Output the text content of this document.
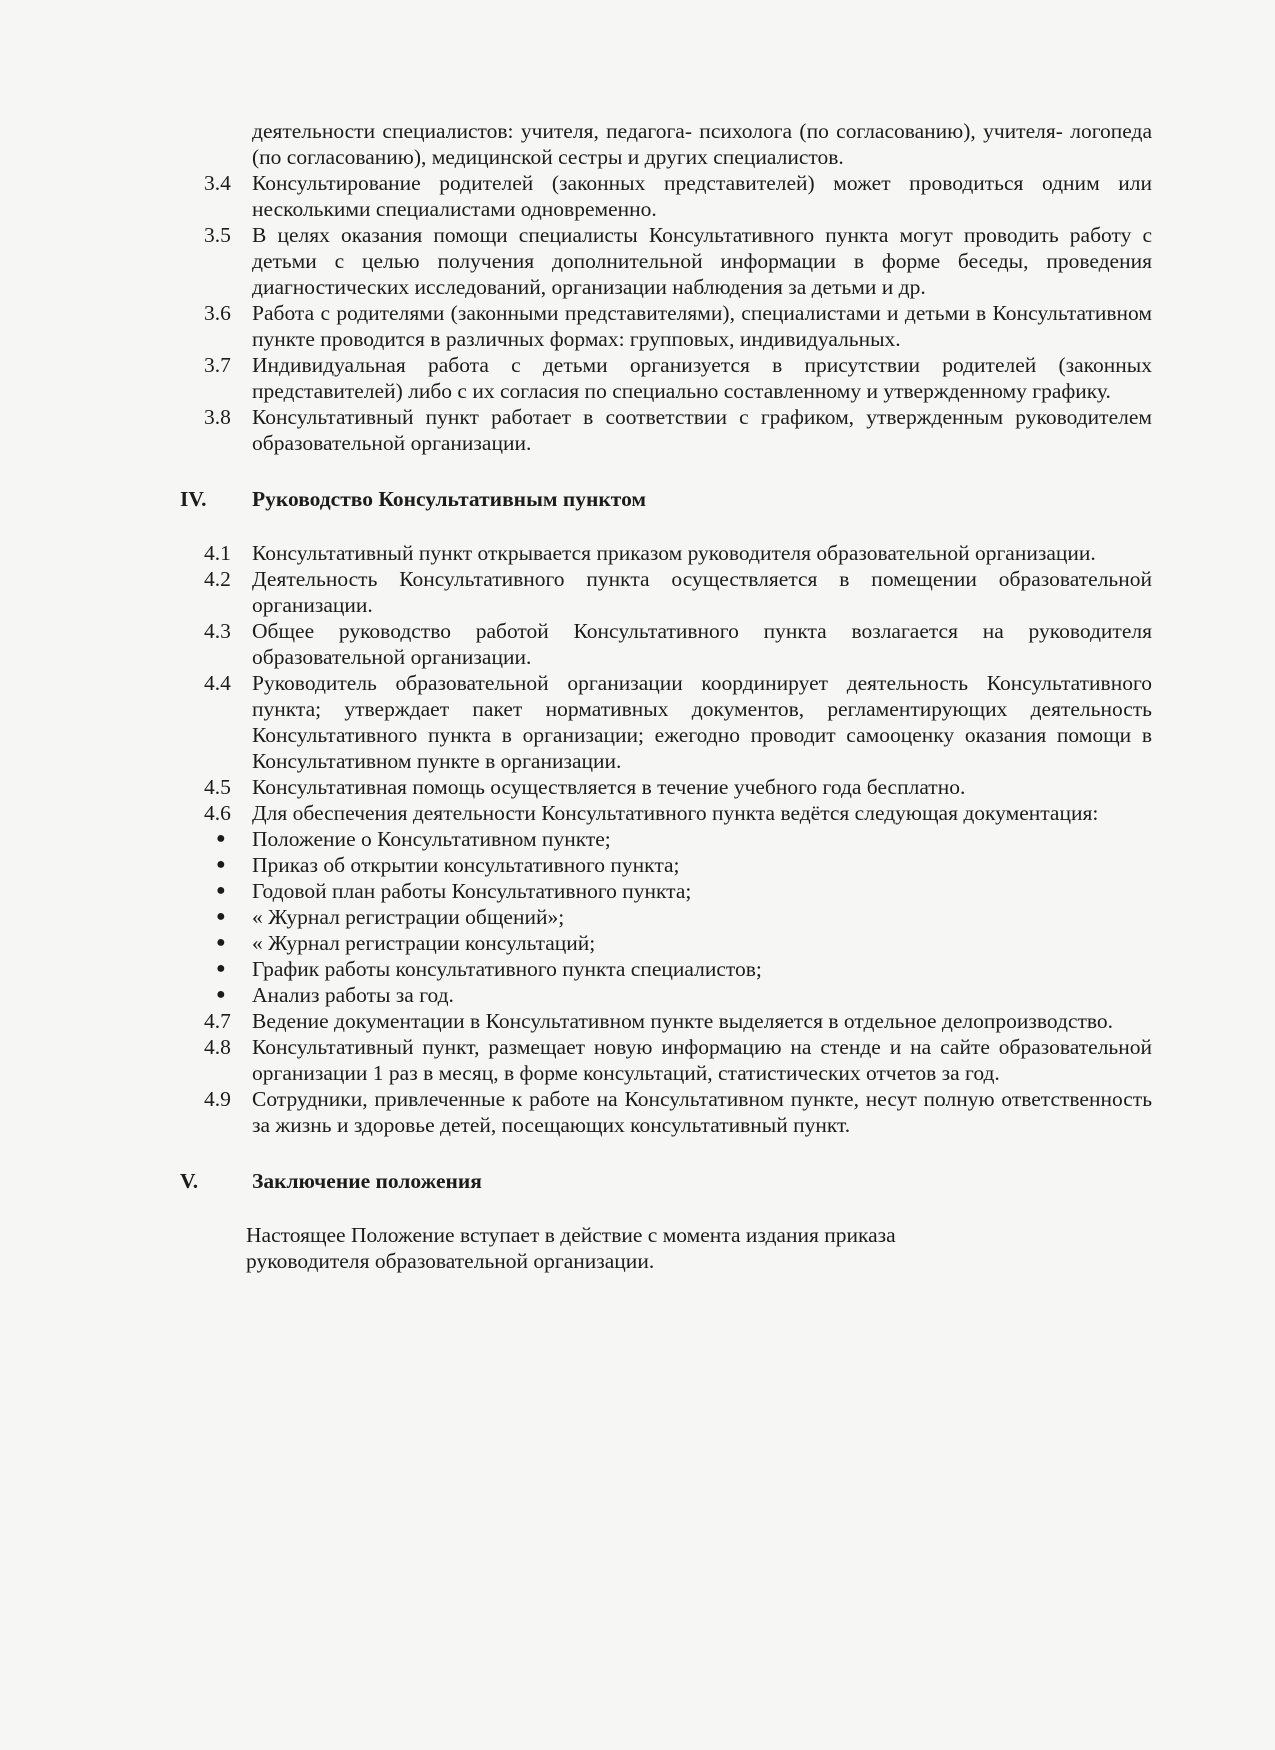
деятельности специалистов: учителя, педагога- психолога (по согласованию), учителя- логопеда (по согласованию), медицинской сестры и других специалистов.
3.4 Консультирование родителей (законных представителей) может проводиться одним или несколькими специалистами одновременно.
3.5 В целях оказания помощи специалисты Консультативного пункта могут проводить работу с детьми с целью получения дополнительной информации в форме беседы, проведения диагностических исследований, организации наблюдения за детьми и др.
3.6 Работа с родителями (законными представителями), специалистами и детьми в Консультативном пункте проводится в различных формах: групповых, индивидуальных.
3.7 Индивидуальная работа с детьми организуется в присутствии родителей (законных представителей) либо с их согласия по специально составленному и утвержденному графику.
3.8 Консультативный пункт работает в соответствии с графиком, утвержденным руководителем образовательной организации.
IV. Руководство Консультативным пунктом
4.1 Консультативный пункт открывается приказом руководителя образовательной организации.
4.2 Деятельность Консультативного пункта осуществляется в помещении образовательной организации.
4.3 Общее руководство работой Консультативного пункта возлагается на руководителя образовательной организации.
4.4 Руководитель образовательной организации координирует деятельность Консультативного пункта; утверждает пакет нормативных документов, регламентирующих деятельность Консультативного пункта в организации; ежегодно проводит самооценку оказания помощи в Консультативном пункте в организации.
4.5 Консультативная помощь осуществляется в течение учебного года бесплатно.
4.6 Для обеспечения деятельности Консультативного пункта ведётся следующая документация:
● Положение о Консультативном пункте;
● Приказ об открытии консультативного пункта;
● Годовой план работы Консультативного пункта;
● « Журнал регистрации общений»;
● « Журнал регистрации консультаций;
● График работы консультативного пункта специалистов;
● Анализ работы за год.
4.7 Ведение документации в Консультативном пункте выделяется в отдельное делопроизводство.
4.8 Консультативный пункт, размещает новую информацию на стенде и на сайте образовательной организации 1 раз в месяц, в форме консультаций, статистических отчетов за год.
4.9 Сотрудники, привлеченные к работе на Консультативном пункте, несут полную ответственность за жизнь и здоровье детей, посещающих консультативный пункт.
V.	Заключение положения
Настоящее Положение вступает в действие с момента издания приказа руководителя образовательной организации.
